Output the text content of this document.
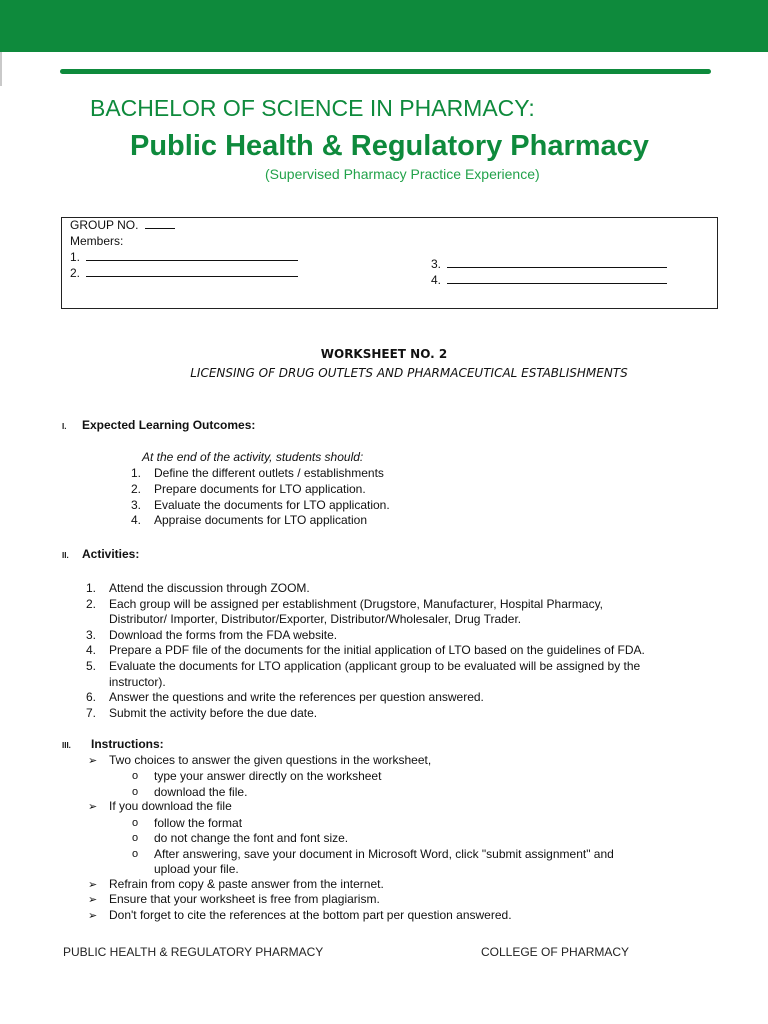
BACHELOR OF SCIENCE IN PHARMACY:
Public Health & Regulatory Pharmacy
(Supervised Pharmacy Practice Experience)
GROUP NO.
Members:
1.
2.
3.
4.
WORKSHEET NO. 2
LICENSING OF DRUG OUTLETS AND PHARMACEUTICAL ESTABLISHMENTS
I. Expected Learning Outcomes:
At the end of the activity, students should:
1. Define the different outlets / establishments
2. Prepare documents for LTO application.
3. Evaluate the documents for LTO application.
4. Appraise documents for LTO application
II. Activities:
1. Attend the discussion through ZOOM.
2. Each group will be assigned per establishment (Drugstore, Manufacturer, Hospital Pharmacy,
Distributor/ Importer, Distributor/Exporter, Distributor/Wholesaler, Drug Trader.
3. Download the forms from the FDA website.
4. Prepare a PDF file of the documents for the initial application of LTO based on the guidelines of FDA.
5. Evaluate the documents for LTO application (applicant group to be evaluated will be assigned by the
instructor).
6. Answer the questions and write the references per question answered.
7. Submit the activity before the due date.
III. Instructions:
➢ Two choices to answer the given questions in the worksheet,
o type your answer directly on the worksheet
o download the file.
➢ If you download the file
o follow the format
o do not change the font and font size.
o After answering, save your document in Microsoft Word, click "submit assignment" and
upload your file.
➢ Refrain from copy & paste answer from the internet.
➢ Ensure that your worksheet is free from plagiarism.
➢ Don't forget to cite the references at the bottom part per question answered.
PUBLIC HEALTH & REGULATORY PHARMACY	COLLEGE OF PHARMACY
